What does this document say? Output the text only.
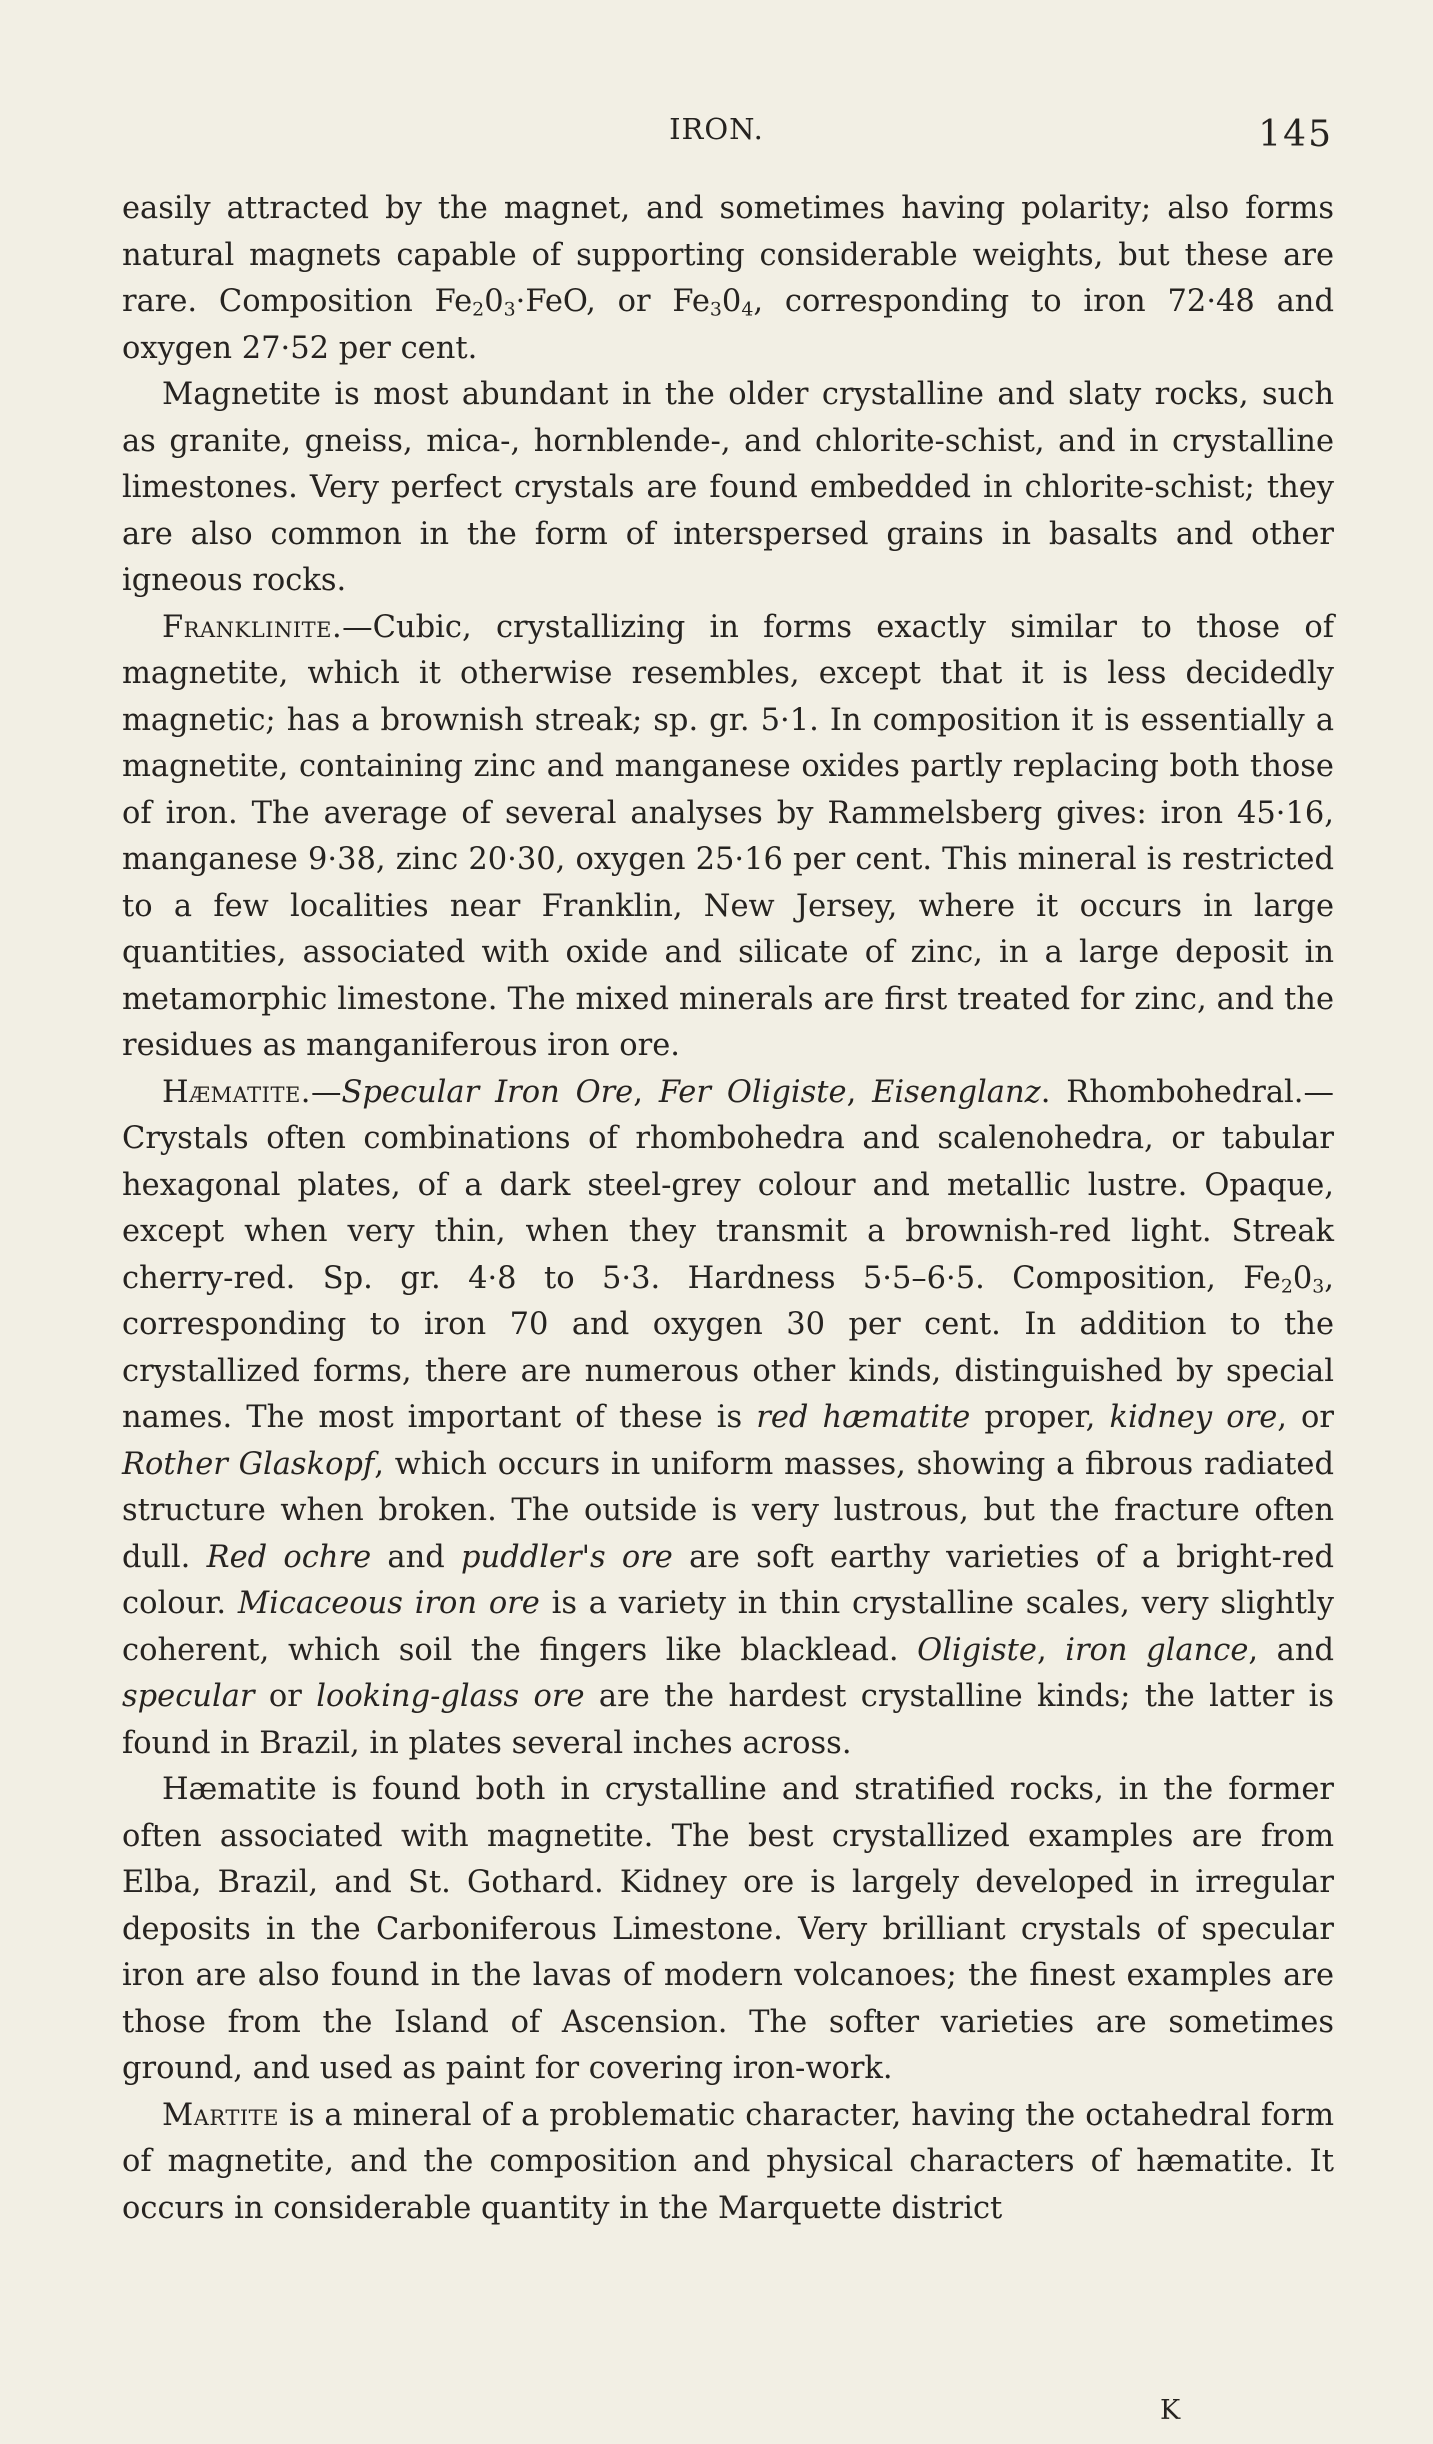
IRON.	145

easily attracted by the magnet, and sometimes having polarity; also forms natural magnets capable of supporting considerable weights, but these are rare. Composition $Fe_20_3\cdot FeO$, or $Fe_30_4$, corresponding to iron 72·48 and oxygen 27·52 per cent.

Magnetite is most abundant in the older crystalline and slaty rocks, such as granite, gneiss, mica-, hornblende-, and chlorite-schist, and in crystalline limestones. Very perfect crystals are found embedded in chlorite-schist; they are also common in the form of interspersed grains in basalts and other igneous rocks.

Franklinite.—Cubic, crystallizing in forms exactly similar to those of magnetite, which it otherwise resembles, except that it is less decidedly magnetic; has a brownish streak; sp. gr. 5·1. In composition it is essentially a magnetite, containing zinc and manganese oxides partly replacing both those of iron. The average of several analyses by Rammelsberg gives: iron 45·16, manganese 9·38, zinc 20·30, oxygen 25·16 per cent. This mineral is restricted to a few localities near Franklin, New Jersey, where it occurs in large quantities, associated with oxide and silicate of zinc, in a large deposit in metamorphic limestone. The mixed minerals are first treated for zinc, and the residues as manganiferous iron ore.

Hæmatite.—Specular Iron Ore, Fer Oligiste, Eisenglanz. Rhombohedral.—Crystals often combinations of rhombohedra and scalenohedra, or tabular hexagonal plates, of a dark steel-grey colour and metallic lustre. Opaque, except when very thin, when they transmit a brownish-red light. Streak cherry-red. Sp. gr. 4·8 to 5·3. Hardness 5·5–6·5. Composition, $Fe_20_3$, corresponding to iron 70 and oxygen 30 per cent. In addition to the crystallized forms, there are numerous other kinds, distinguished by special names. The most important of these is red hæmatite proper, kidney ore, or Rother Glaskopf, which occurs in uniform masses, showing a fibrous radiated structure when broken. The outside is very lustrous, but the fracture often dull. Red ochre and puddler's ore are soft earthy varieties of a bright-red colour. Micaceous iron ore is a variety in thin crystalline scales, very slightly coherent, which soil the fingers like blacklead. Oligiste, iron glance, and specular or looking-glass ore are the hardest crystalline kinds; the latter is found in Brazil, in plates several inches across.

Hæmatite is found both in crystalline and stratified rocks, in the former often associated with magnetite. The best crystallized examples are from Elba, Brazil, and St. Gothard. Kidney ore is largely developed in irregular deposits in the Carboniferous Limestone. Very brilliant crystals of specular iron are also found in the lavas of modern volcanoes; the finest examples are those from the Island of Ascension. The softer varieties are sometimes ground, and used as paint for covering iron-work.

Martite is a mineral of a problematic character, having the octahedral form of magnetite, and the composition and physical characters of hæmatite. It occurs in considerable quantity in the Marquette district

K
